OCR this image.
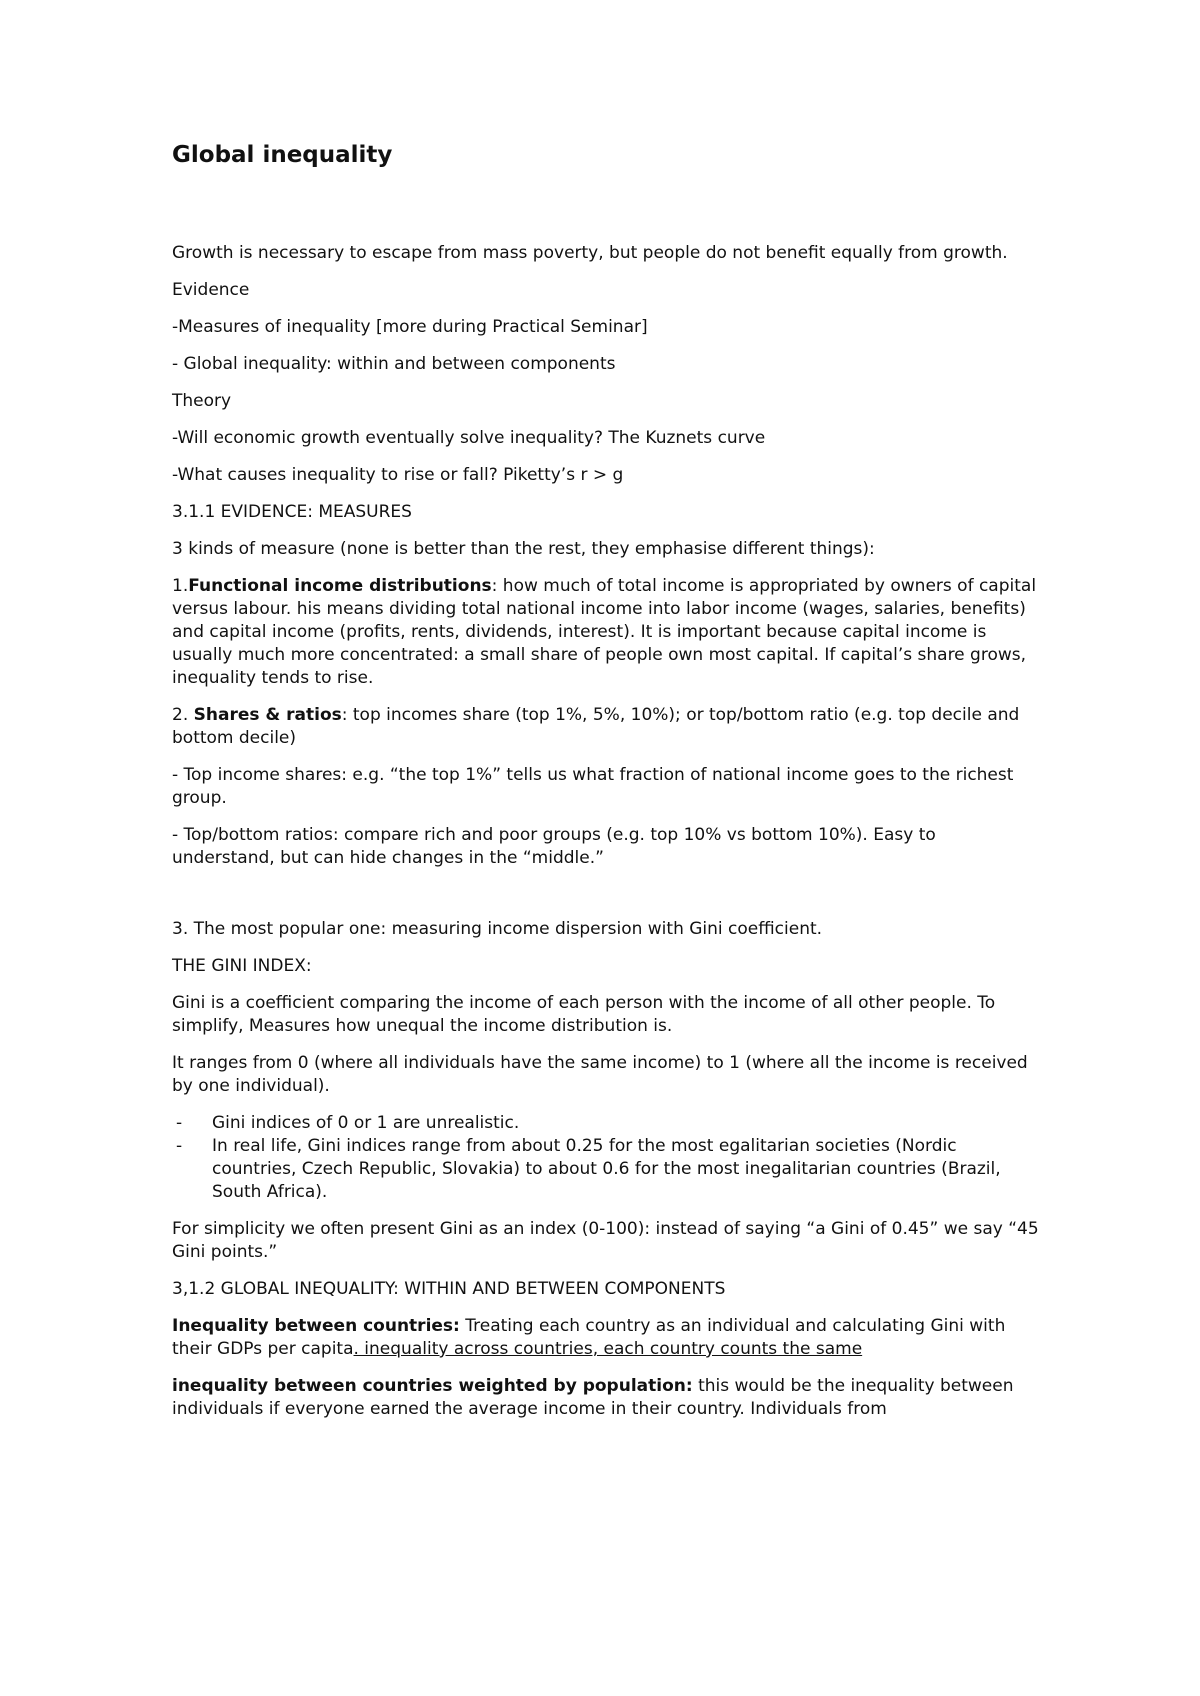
Global inequality

Growth is necessary to escape from mass poverty, but people do not benefit equally from growth.

Evidence

-Measures of inequality [more during Practical Seminar]

- Global inequality: within and between components

Theory

-Will economic growth eventually solve inequality? The Kuznets curve

-What causes inequality to rise or fall? Piketty’s r > g

3.1.1 EVIDENCE: MEASURES

3 kinds of measure (none is better than the rest, they emphasise different things):

1.Functional income distributions: how much of total income is appropriated by owners of capital versus labour. his means dividing total national income into labor income (wages, salaries, benefits) and capital income (profits, rents, dividends, interest). It is important because capital income is usually much more concentrated: a small share of people own most capital. If capital’s share grows, inequality tends to rise.

2. Shares & ratios: top incomes share (top 1%, 5%, 10%); or top/bottom ratio (e.g. top decile and bottom decile)

- Top income shares: e.g. “the top 1%” tells us what fraction of national income goes to the richest group.

- Top/bottom ratios: compare rich and poor groups (e.g. top 10% vs bottom 10%). Easy to understand, but can hide changes in the “middle.”

3. The most popular one: measuring income dispersion with Gini coefficient.

THE GINI INDEX:

Gini is a coefficient comparing the income of each person with the income of all other people. To simplify, Measures how unequal the income distribution is.

It ranges from 0 (where all individuals have the same income) to 1 (where all the income is received by one individual).

- Gini indices of 0 or 1 are unrealistic.
- In real life, Gini indices range from about 0.25 for the most egalitarian societies (Nordic countries, Czech Republic, Slovakia) to about 0.6 for the most inegalitarian countries (Brazil, South Africa).

For simplicity we often present Gini as an index (0-100): instead of saying “a Gini of 0.45” we say “45 Gini points.”

3,1.2 GLOBAL INEQUALITY: WITHIN AND BETWEEN COMPONENTS

Inequality between countries: Treating each country as an individual and calculating Gini with their GDPs per capita. inequality across countries, each country counts the same

inequality between countries weighted by population: this would be the inequality between individuals if everyone earned the average income in their country. Individuals from
